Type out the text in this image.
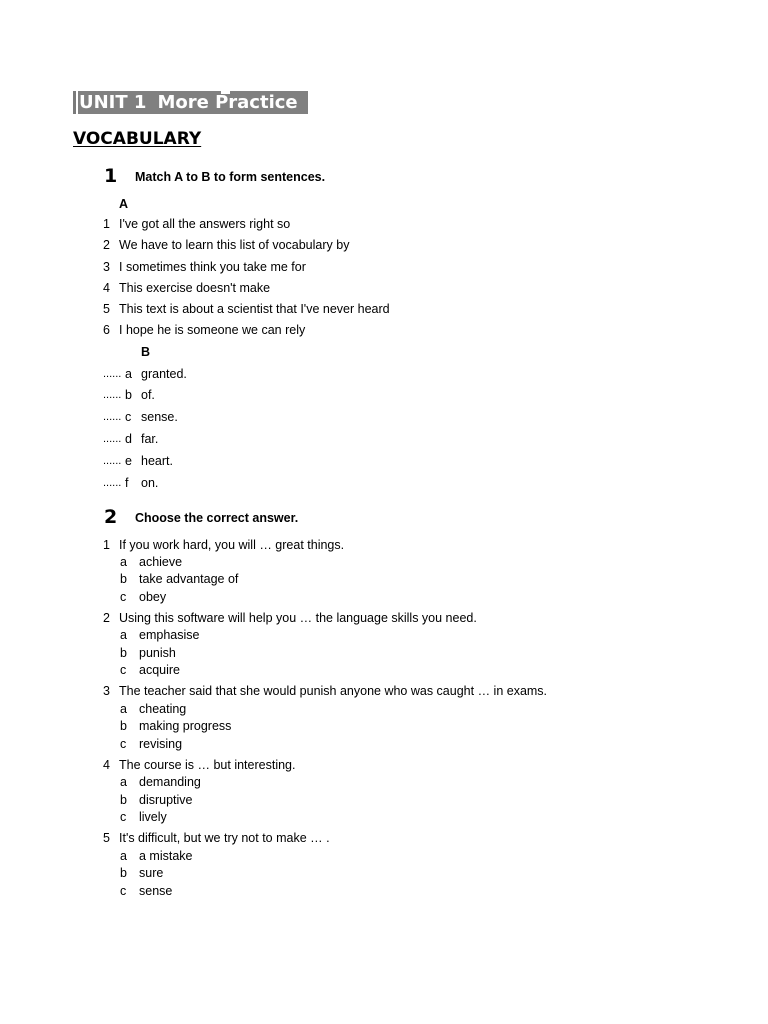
UNIT 1 More Practice
VOCABULARY
1 Match A to B to form sentences.
A
1 I've got all the answers right so
2 We have to learn this list of vocabulary by
3 I sometimes think you take me for
4 This exercise doesn't make
5 This text is about a scientist that I've never heard
6 I hope he is someone we can rely
B
...... a granted.
...... b of.
...... c sense.
...... d far.
...... e heart.
...... f on.
2 Choose the correct answer.
1 If you work hard, you will … great things.
a achieve
b take advantage of
c obey
2 Using this software will help you … the language skills you need.
a emphasise
b punish
c acquire
3 The teacher said that she would punish anyone who was caught … in exams.
a cheating
b making progress
c revising
4 The course is … but interesting.
a demanding
b disruptive
c lively
5 It's difficult, but we try not to make … .
a a mistake
b sure
c sense
